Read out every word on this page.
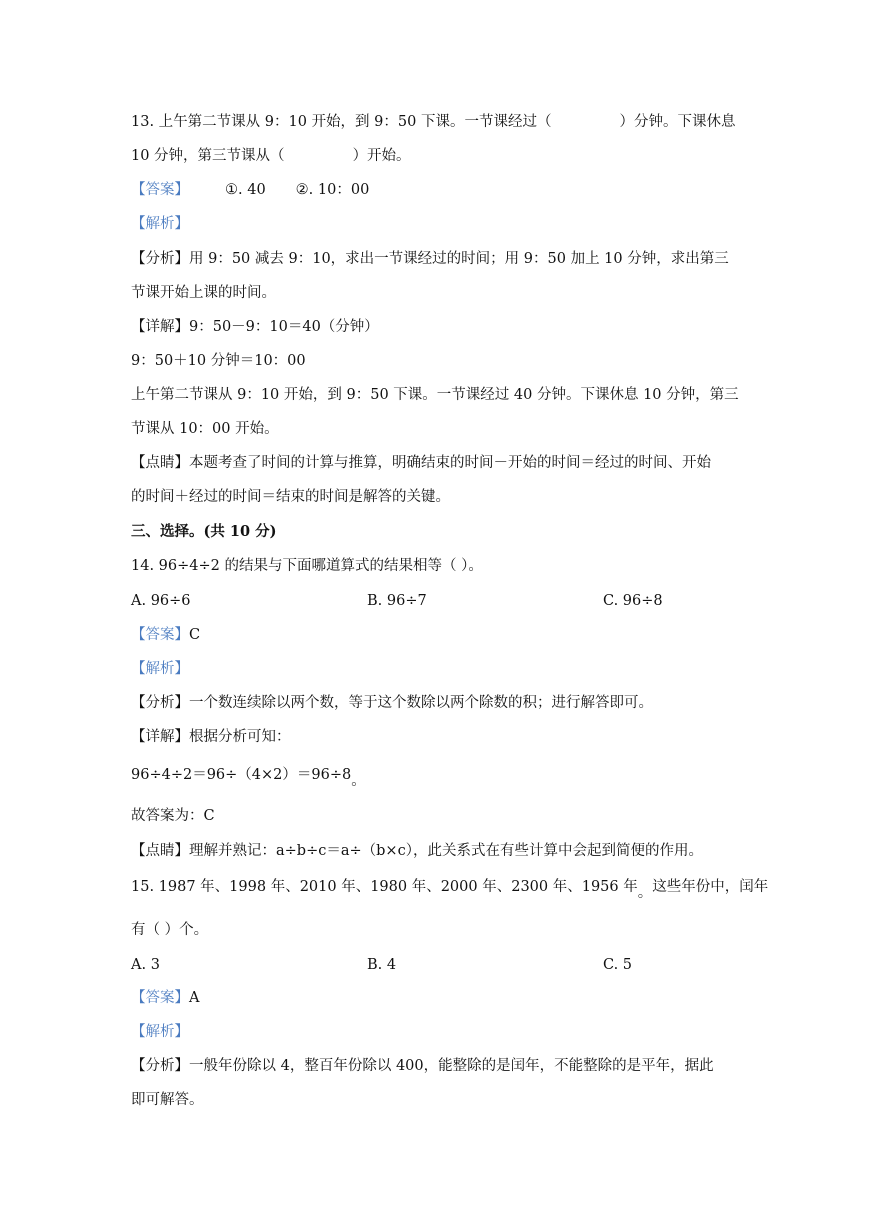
13. 上午第二节课从 9：10 开始，到 9：50 下课。一节课经过（	）分钟。下课休息
10 分钟，第三节课从（	）开始。
【答案】 ①. 40 ②. 10：00
【解析】
【分析】用 9：50 减去 9：10，求出一节课经过的时间；用 9：50 加上 10 分钟，求出第三
节课开始上课的时间。
【详解】9：50－9：10＝40（分钟）
9：50＋10 分钟＝10：00
上午第二节课从 9：10 开始，到 9：50 下课。一节课经过 40 分钟。下课休息 10 分钟，第三
节课从 10：00 开始。
【点睛】本题考查了时间的计算与推算，明确结束的时间－开始的时间＝经过的时间、开始
的时间＋经过的时间＝结束的时间是解答的关键。
三、选择。(共 10 分)
14. 96÷4÷2 的结果与下面哪道算式的结果相等（ ）。
A. 96÷6	B. 96÷7	C. 96÷8
【答案】C
【解析】
【分析】一个数连续除以两个数，等于这个数除以两个除数的积；进行解答即可。
【详解】根据分析可知：
96÷4÷2＝96÷（4×2）＝96÷8。
故答案为：C
【点睛】理解并熟记：a÷b÷c＝a÷（b×c），此关系式在有些计算中会起到简便的作用。
15. 1987 年、1998 年、2010 年、1980 年、2000 年、2300 年、1956 年。这些年份中，闰年
有（ ）个。
A. 3	B. 4	C. 5
【答案】A
【解析】
【分析】一般年份除以 4，整百年份除以 400，能整除的是闰年，不能整除的是平年，据此
即可解答。
